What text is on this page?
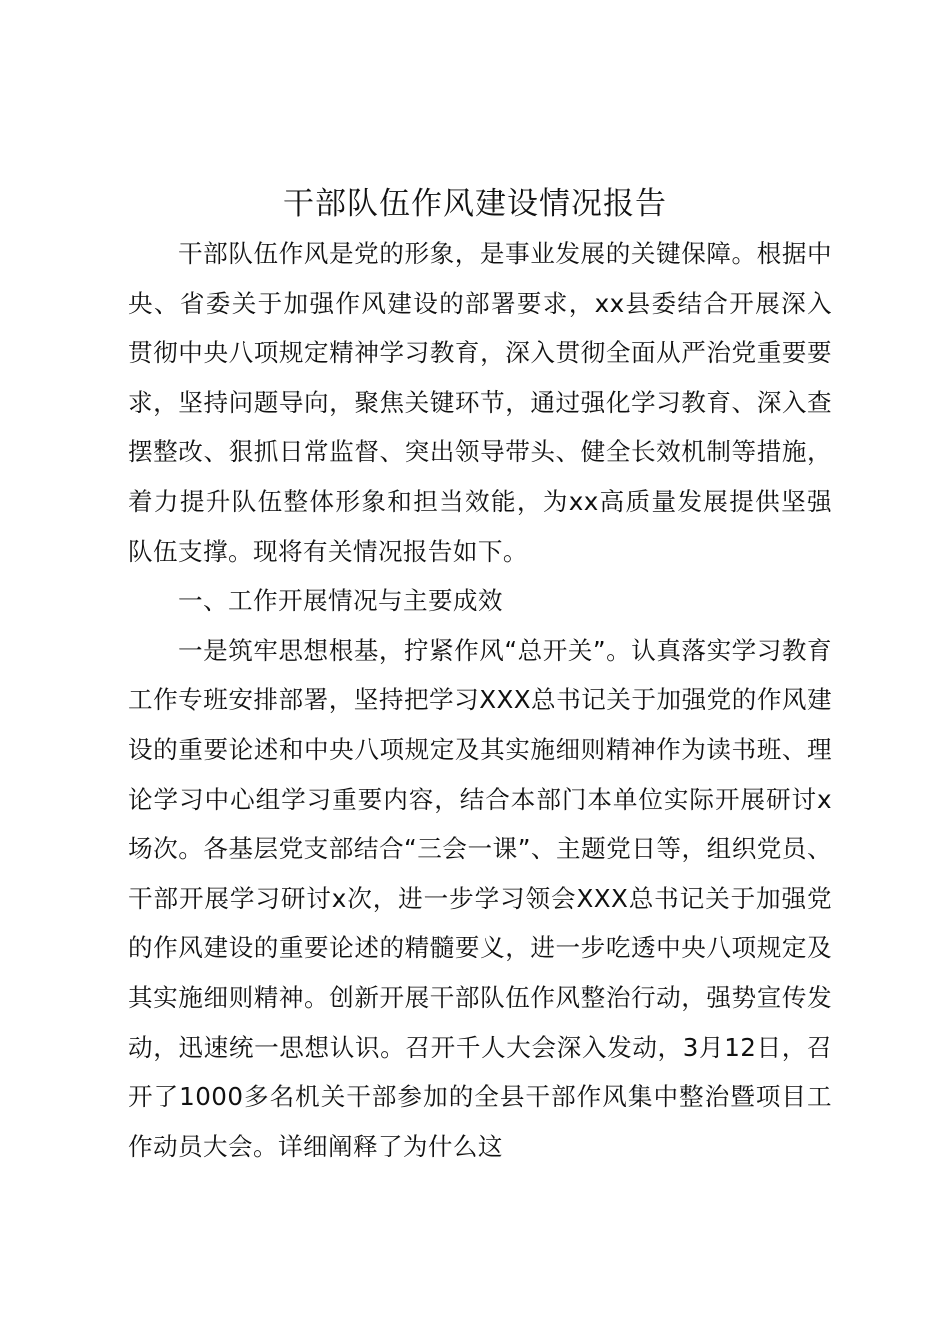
干部队伍作风建设情况报告

干部队伍作风是党的形象，是事业发展的关键保障。根据中央、省委关于加强作风建设的部署要求，xx县委结合开展深入贯彻中央八项规定精神学习教育，深入贯彻全面从严治党重要要求，坚持问题导向，聚焦关键环节，通过强化学习教育、深入查摆整改、狠抓日常监督、突出领导带头、健全长效机制等措施，着力提升队伍整体形象和担当效能，为xx高质量发展提供坚强队伍支撑。现将有关情况报告如下。

一、工作开展情况与主要成效

一是筑牢思想根基，拧紧作风“总开关”。认真落实学习教育工作专班安排部署，坚持把学习XXX总书记关于加强党的作风建设的重要论述和中央八项规定及其实施细则精神作为读书班、理论学习中心组学习重要内容，结合本部门本单位实际开展研讨x场次。各基层党支部结合“三会一课”、主题党日等，组织党员、干部开展学习研讨x次，进一步学习领会XXX总书记关于加强党的作风建设的重要论述的精髓要义，进一步吃透中央八项规定及其实施细则精神。创新开展干部队伍作风整治行动，强势宣传发动，迅速统一思想认识。召开千人大会深入发动，3月12日，召开了1000多名机关干部参加的全县干部作风集中整治暨项目工作动员大会。详细阐释了为什么这
